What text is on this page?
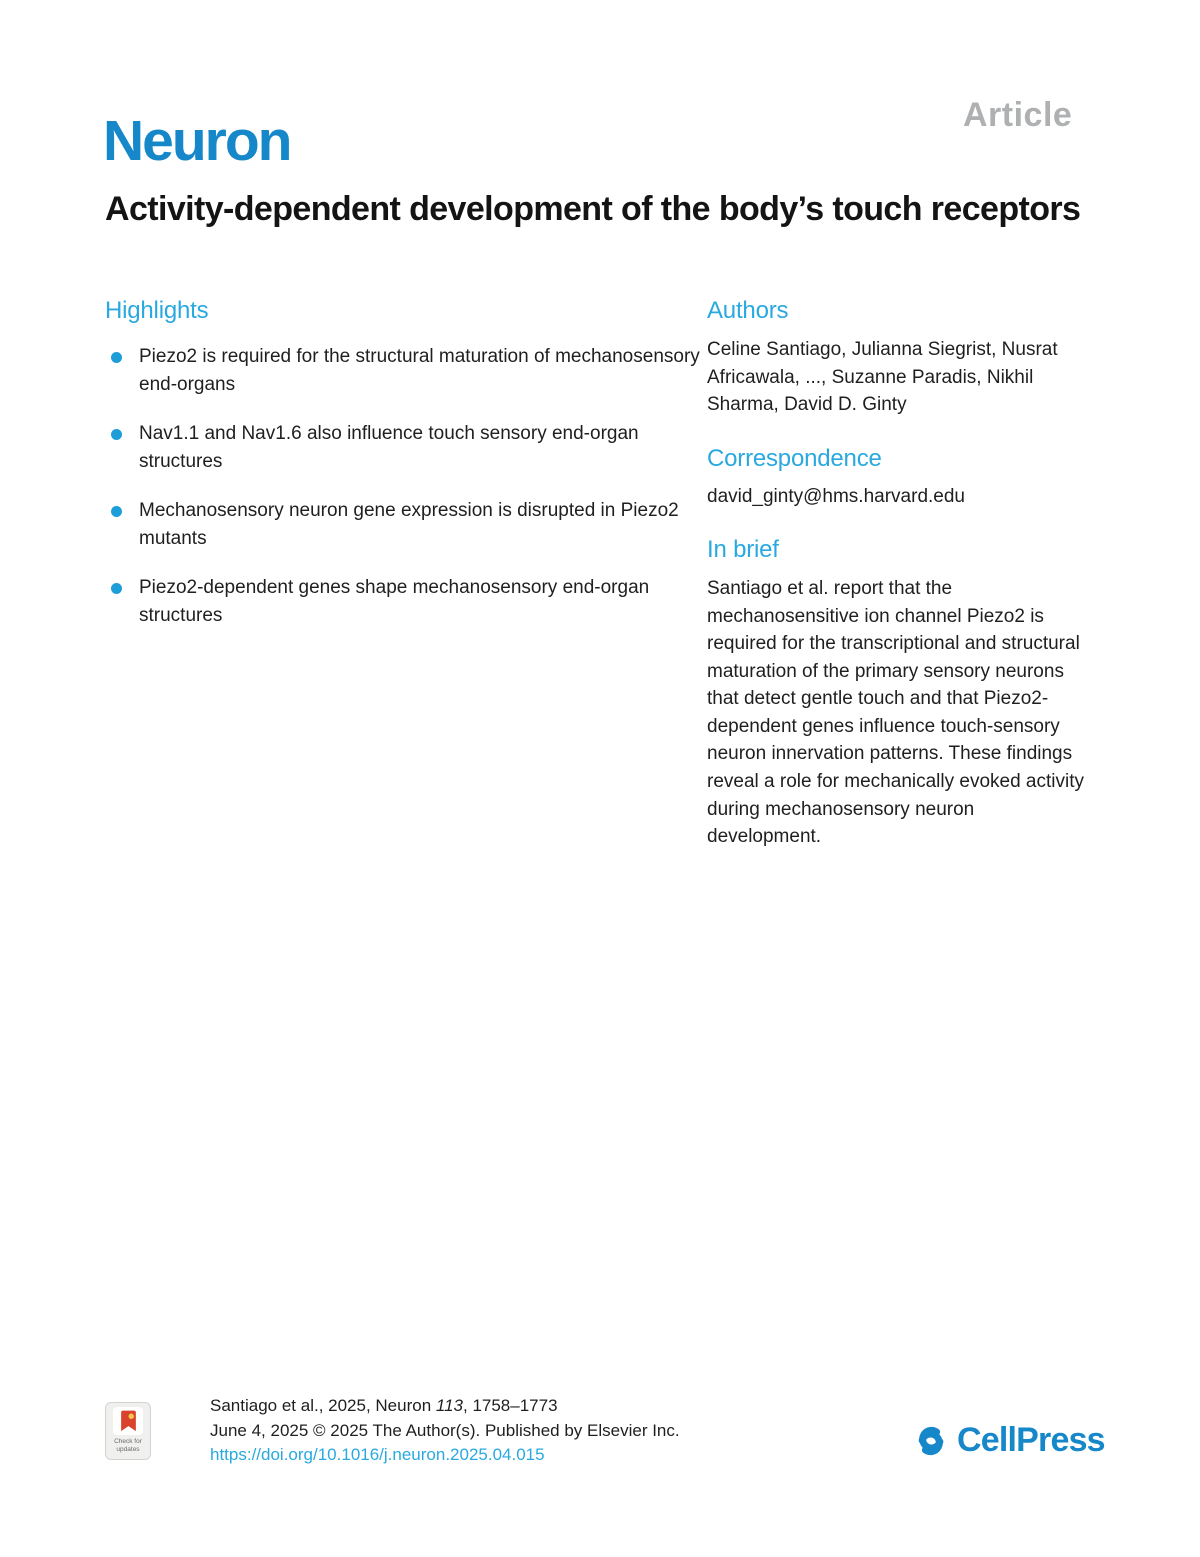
Article
Neuron
Activity-dependent development of the body’s touch receptors
Highlights
Piezo2 is required for the structural maturation of mechanosensory end-organs
Nav1.1 and Nav1.6 also influence touch sensory end-organ structures
Mechanosensory neuron gene expression is disrupted in Piezo2 mutants
Piezo2-dependent genes shape mechanosensory end-organ structures
Authors

Celine Santiago, Julianna Siegrist, Nusrat Africawala, ..., Suzanne Paradis, Nikhil Sharma, David D. Ginty

Correspondence

david_ginty@hms.harvard.edu

In brief

Santiago et al. report that the mechanosensitive ion channel Piezo2 is required for the transcriptional and structural maturation of the primary sensory neurons that detect gentle touch and that Piezo2-dependent genes influence touch-sensory neuron innervation patterns. These findings reveal a role for mechanically evoked activity during mechanosensory neuron development.

Check for updates
Santiago et al., 2025, Neuron 113, 1758–1773
June 4, 2025 © 2025 The Author(s). Published by Elsevier Inc.
https://doi.org/10.1016/j.neuron.2025.04.015	CellPress
